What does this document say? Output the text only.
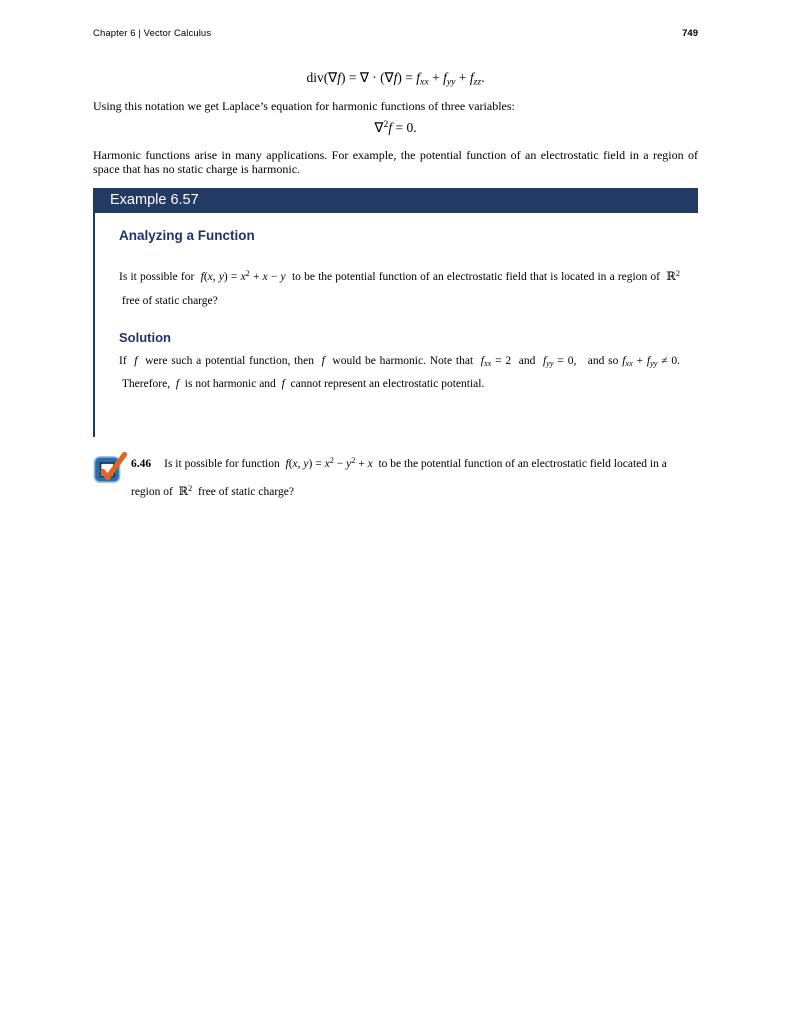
Chapter 6 | Vector Calculus	749
div(∇f) = ∇ · (∇f) = fxx + fyy + fzz.

Using this notation we get Laplace’s equation for harmonic functions of three variables:

∇$^2$f = 0.

Harmonic functions arise in many applications. For example, the potential function of an electrostatic field in a region of space that has no static charge is harmonic.

Example 6.57
Analyzing a Function

Is it possible for  f(x, $y) = x^2 + x - y$  to be the potential function of an electrostatic field that is located in a region of  ℝ$^2$  free of static charge?

Solution

If  f  were such a potential function, then  f  would be harmonic. Note that  fxx = 2  and  fyy = 0,   and so fxx + fyy ≠ 0.  Therefore,  f  is not harmonic and  f  cannot represent an electrostatic potential.

6.46 Is it possible for function  f(x, $y) = x^2 - y^2 + x$  to be the potential function of an electrostatic field located in a region of  ℝ$^2$  free of static charge?
